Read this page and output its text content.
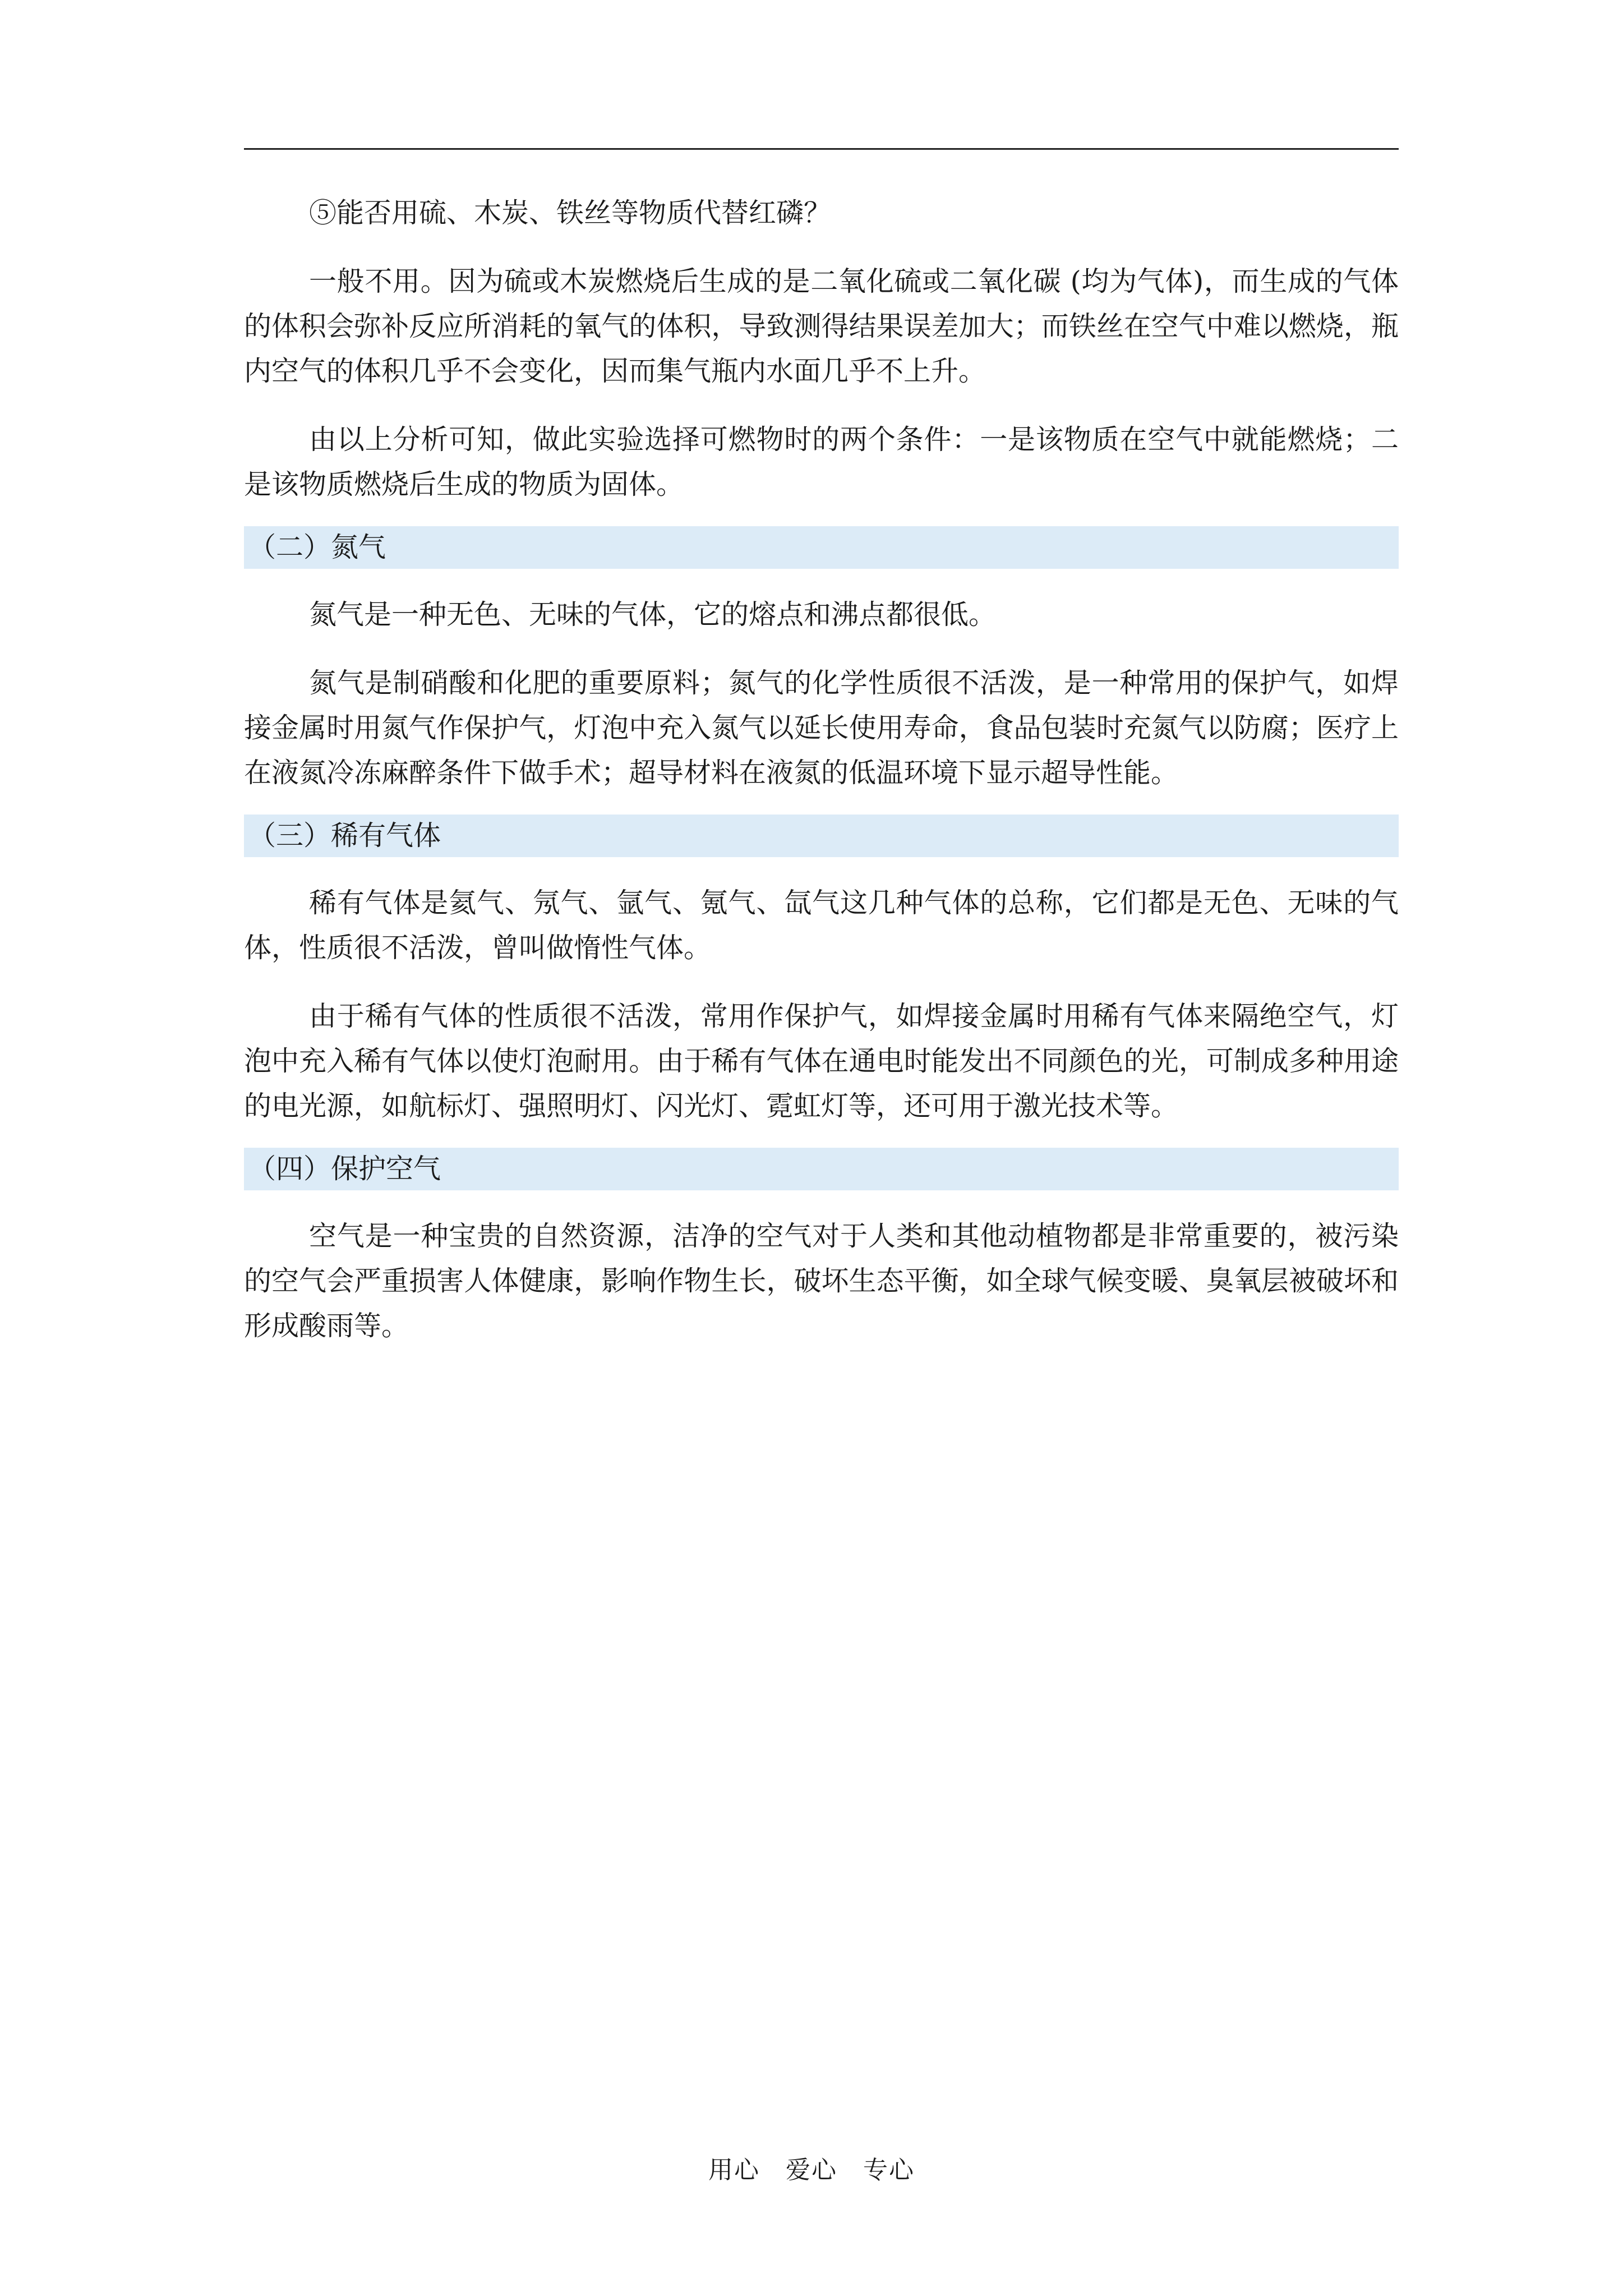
⑤能否用硫、木炭、铁丝等物质代替红磷？

一般不用。因为硫或木炭燃烧后生成的是二氧化硫或二氧化碳 (均为气体)，而生成的气体的体积会弥补反应所消耗的氧气的体积，导致测得结果误差加大；而铁丝在空气中难以燃烧，瓶内空气的体积几乎不会变化，因而集气瓶内水面几乎不上升。

由以上分析可知，做此实验选择可燃物时的两个条件：一是该物质在空气中就能燃烧；二是该物质燃烧后生成的物质为固体。

（二）氮气

氮气是一种无色、无味的气体，它的熔点和沸点都很低。

氮气是制硝酸和化肥的重要原料；氮气的化学性质很不活泼，是一种常用的保护气，如焊接金属时用氮气作保护气，灯泡中充入氮气以延长使用寿命，食品包装时充氮气以防腐；医疗上在液氮冷冻麻醉条件下做手术；超导材料在液氮的低温环境下显示超导性能。

（三）稀有气体

稀有气体是氦气、氖气、氩气、氪气、氙气这几种气体的总称，它们都是无色、无味的气体，性质很不活泼，曾叫做惰性气体。

由于稀有气体的性质很不活泼，常用作保护气，如焊接金属时用稀有气体来隔绝空气，灯泡中充入稀有气体以使灯泡耐用。由于稀有气体在通电时能发出不同颜色的光，可制成多种用途的电光源，如航标灯、强照明灯、闪光灯、霓虹灯等，还可用于激光技术等。

（四）保护空气

空气是一种宝贵的自然资源，洁净的空气对于人类和其他动植物都是非常重要的，被污染的空气会严重损害人体健康，影响作物生长，破坏生态平衡，如全球气候变暖、臭氧层被破坏和形成酸雨等。

用心　爱心　专心
